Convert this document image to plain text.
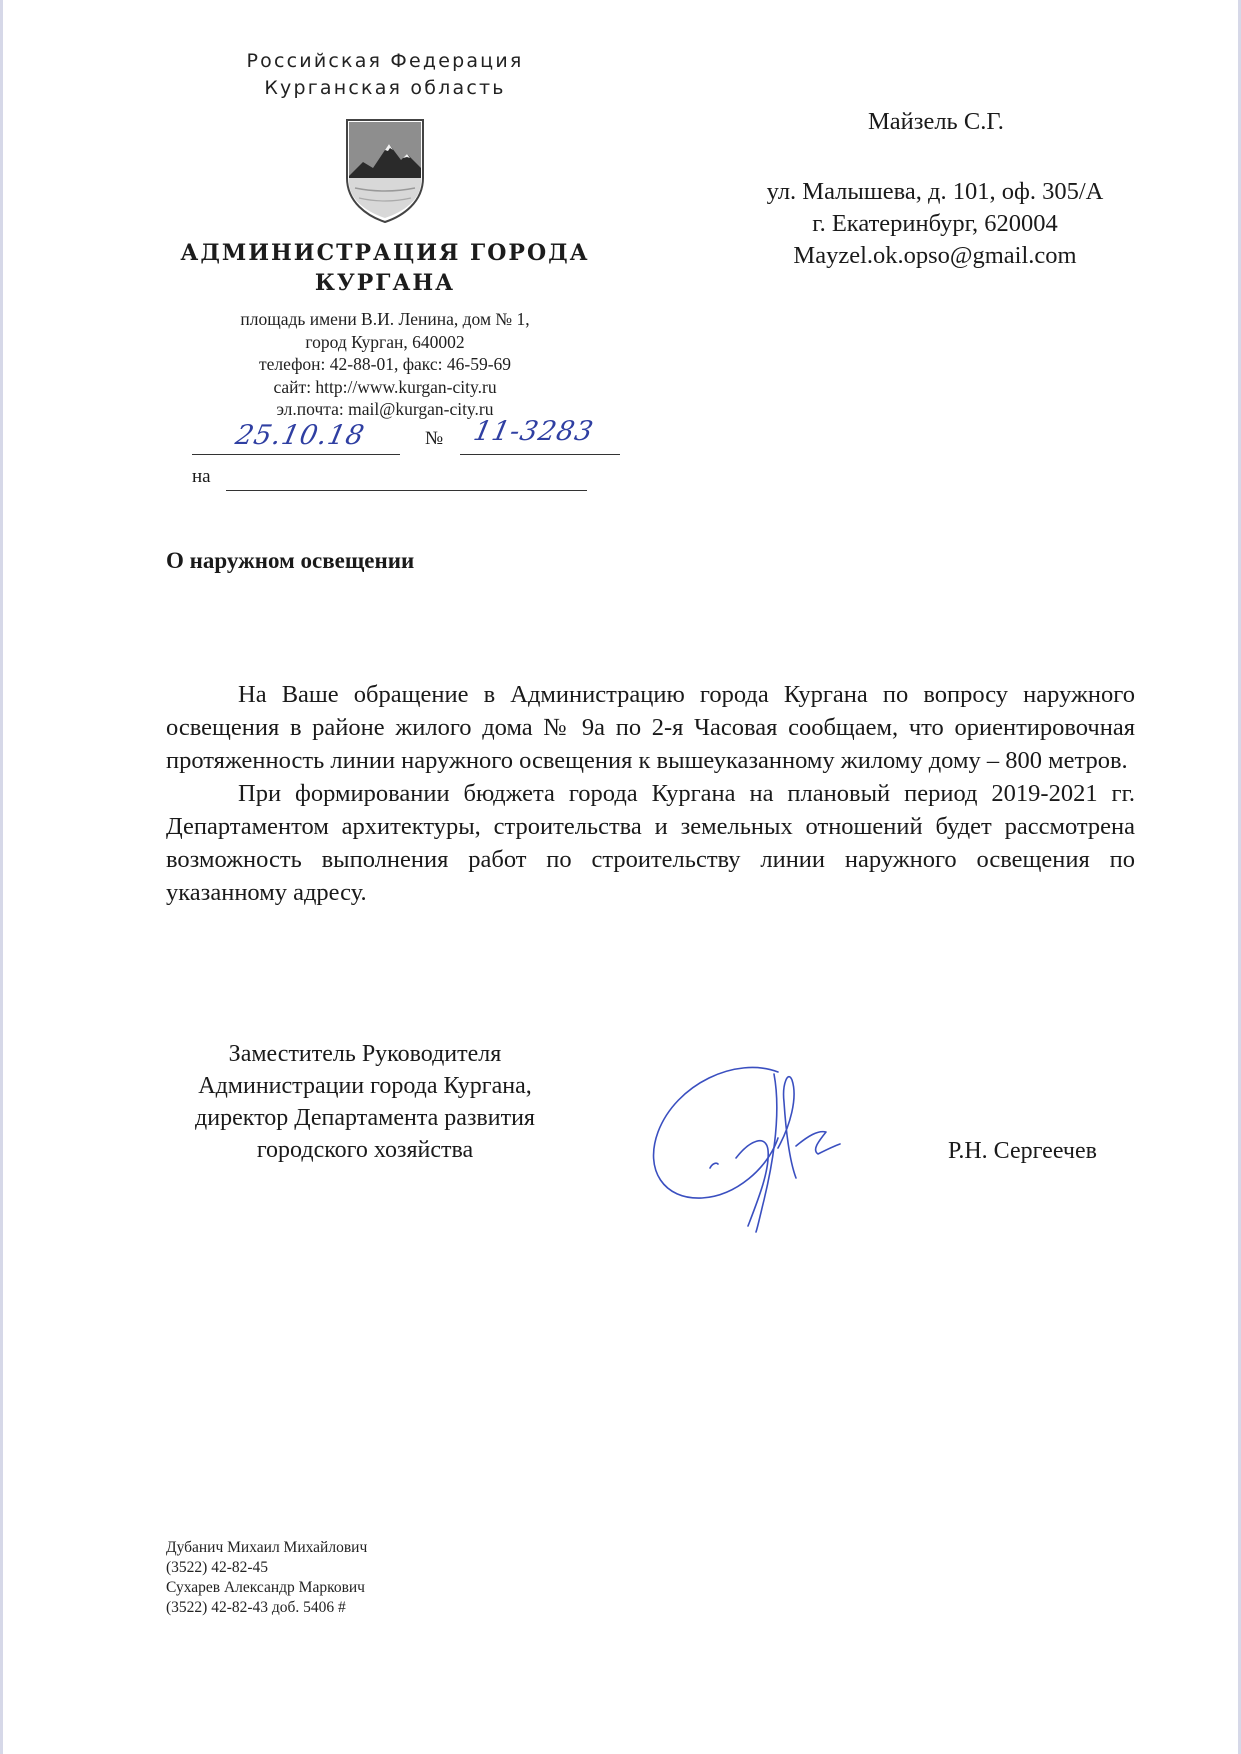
Российская Федерация
Курганская область
АДМИНИСТРАЦИЯ ГОРОДА
КУРГАНА
площадь имени В.И. Ленина, дом № 1,
город Курган, 640002
телефон: 42-88-01, факс: 46-59-69
сайт: http://www.kurgan-city.ru
эл.почта: mail@kurgan-city.ru
25.10.18	№ 11-3283
на
Майзель С.Г.
ул. Малышева, д. 101, оф. 305/А
г. Екатеринбург, 620004
Mayzel.ok.opso@gmail.com
О наружном освещении

На Ваше обращение в Администрацию города Кургана по вопросу наружного освещения в районе жилого дома № 9а по 2-я Часовая сообщаем, что ориентировочная протяженность линии наружного освещения к вышеуказанному жилому дому – 800 метров.

При формировании бюджета города Кургана на плановый период 2019-2021 гг. Департаментом архитектуры, строительства и земельных отношений будет рассмотрена возможность выполнения работ по строительству линии наружного освещения по указанному адресу.

Заместитель Руководителя
Администрации города Кургана,
директор Департамента развития
городского хозяйства	Р.Н. Сергеечев
Дубанич Михаил Михайлович
(3522) 42-82-45
Сухарев Александр Маркович
(3522) 42-82-43 доб. 5406 #
